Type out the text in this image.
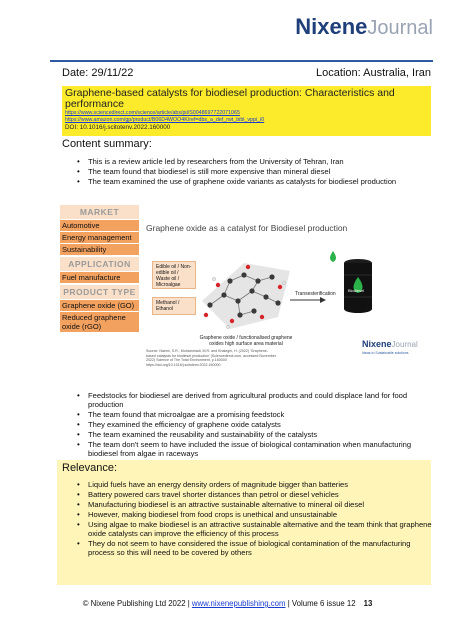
NixeneJournal
Date: 29/11/22	Location: Australia, Iran
Graphene-based catalysts for biodiesel production: Characteristics and performance
https://www.sciencedirect.com/science/article/abs/pii/S0048697722071065
https://www.amazon.com/gp/product/B06D4WOO4K/ref=dbs_a_def_rwt_bibl_vppi_i0
DOI: 10.1016/j.scitotenv.2022.160000
Content summary:
• This is a review article led by researchers from the University of Tehran, Iran
• The team found that biodiesel is still more expensive than mineral diesel
• The team examined the use of graphene oxide variants as catalysts for biodiesel production
MARKET
Automotive
Energy management
Sustainability
APPLICATION
Fuel manufacture
PRODUCT TYPE
Graphene oxide (GO)
Reduced graphene oxide (rGO)
Graphene oxide as a catalyst for Biodiesel production
Edible oil / Non-edible oil / Waste oil / Microalgae
Methanol / Ethanol
Transesterification
Biodiesel
Graphene oxide / functionalised graphene oxides high surface area material
Source: Naemi, S.R., Mohammadi, M.R. and Khaleghi, H. (2022) 'Graphene-based catalysts for biodiesel production' (Sciencedirect.com, accessed November 2022) Science of The Total Environment, p.160000 https://doi.org/10.1016/j.scitotenv.2022.160000
NixeneJournal
Ideas to Sustainable solutions
• Feedstocks for biodiesel are derived from agricultural products and could displace land for food production
• The team found that microalgae are a promising feedstock
• They examined the efficiency of graphene oxide catalysts
• The team examined the reusability and sustainability of the catalysts
• The team don't seem to have included the issue of biological contamination when manufacturing biodiesel from algae in raceways
Relevance:
• Liquid fuels have an energy density orders of magnitude bigger than batteries
• Battery powered cars travel shorter distances than petrol or diesel vehicles
• Manufacturing biodiesel is an attractive sustainable alternative to mineral oil diesel
• However, making biodiesel from food crops is unethical and unsustainable
• Using algae to make biodiesel is an attractive sustainable alternative and the team think that graphene oxide catalysts can improve the efficiency of this process
• They do not seem to have considered the issue of biological contamination of the manufacturing process so this will need to be covered by others
© Nixene Publishing Ltd 2022 | www.nixenepublishing.com | Volume 6 issue 12 13
